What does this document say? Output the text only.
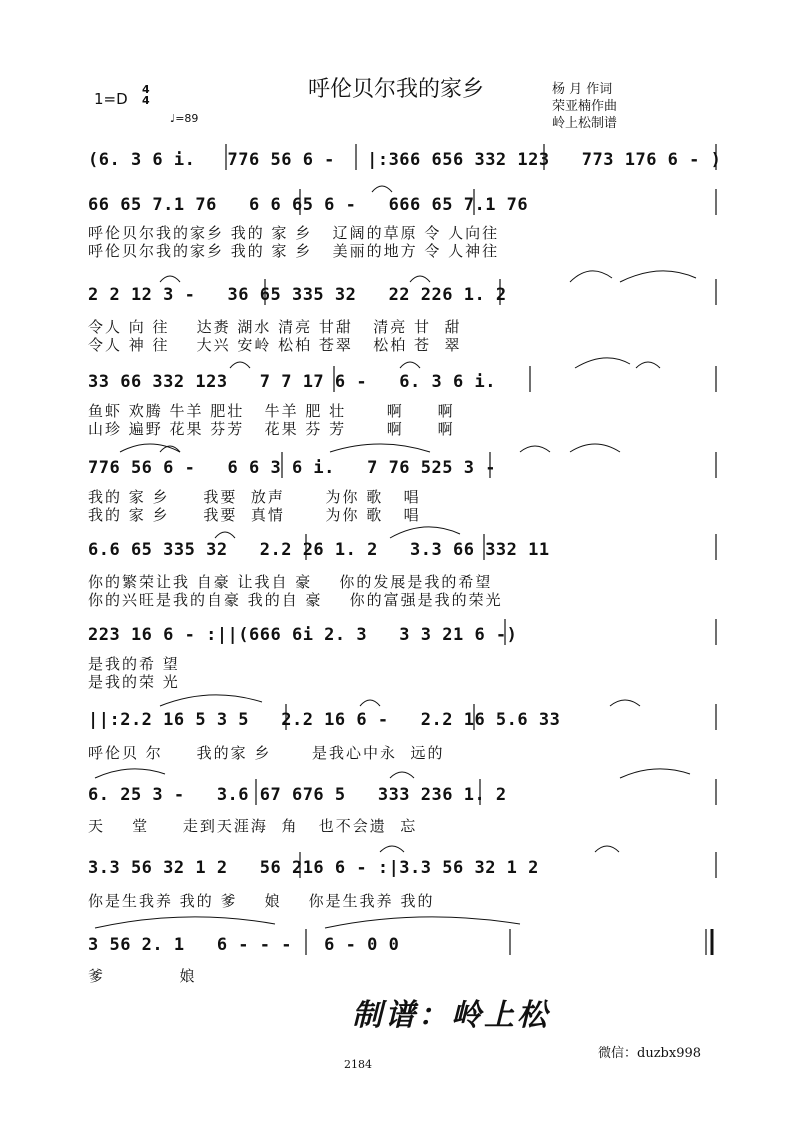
呼伦贝尔我的家乡
1=D
4
4
♩=89
杨 月 作词
荣亚楠作曲
岭上松制谱
(6. 3 6 i.   776 56 6 -   |:366 656 332 123   773 176 6 - )
66 65 7.1 76   6 6 65 6 -   666 65 7.1 76
呼伦贝尔我的家乡 我的 家 乡   辽阔的草原 令 人向往
呼伦贝尔我的家乡 我的 家 乡   美丽的地方 令 人神往
2 2 12 3 -   36 65 335 32   22 226 1. 2
令人 向 往    达赉 湖水 清亮 甘甜   清亮 甘  甜
令人 神 往    大兴 安岭 松柏 苍翠   松柏 苍  翠
33 66 332 123   7 7 17 6 -   6. 3 6 i.
鱼虾 欢腾 牛羊 肥壮   牛羊 肥 壮      啊     啊
山珍 遍野 花果 芬芳   花果 芬 芳      啊     啊
776 56 6 -   6 6 3 6 i.   7 76 525 3 -
我的 家 乡     我要  放声      为你 歌   唱
我的 家 乡     我要  真情      为你 歌   唱
6.6 65 335 32   2.2 26 1. 2   3.3 66 332 11
你的繁荣让我 自豪 让我自 豪    你的发展是我的希望
你的兴旺是我的自豪 我的自 豪    你的富强是我的荣光
223 16 6 - :||(666 6i 2. 3   3 3 21 6 -)
是我的希 望
是我的荣 光
||:2.2 16 5 3 5   2.2 16 6 -   2.2 16 5.6 33
呼伦贝 尔     我的家 乡      是我心中永  远的
6. 25 3 -   3.6 67 676 5   333 236 1. 2
天    堂     走到天涯海  角   也不会遗  忘
3.3 56 32 1 2   56 216 6 - :|3.3 56 32 1 2
你是生我养 我的 爹    娘    你是生我养 我的
3 56 2. 1   6 - - -   6 - 0 0
爹           娘
制谱：岭上松
微信：duzbx998
2184
